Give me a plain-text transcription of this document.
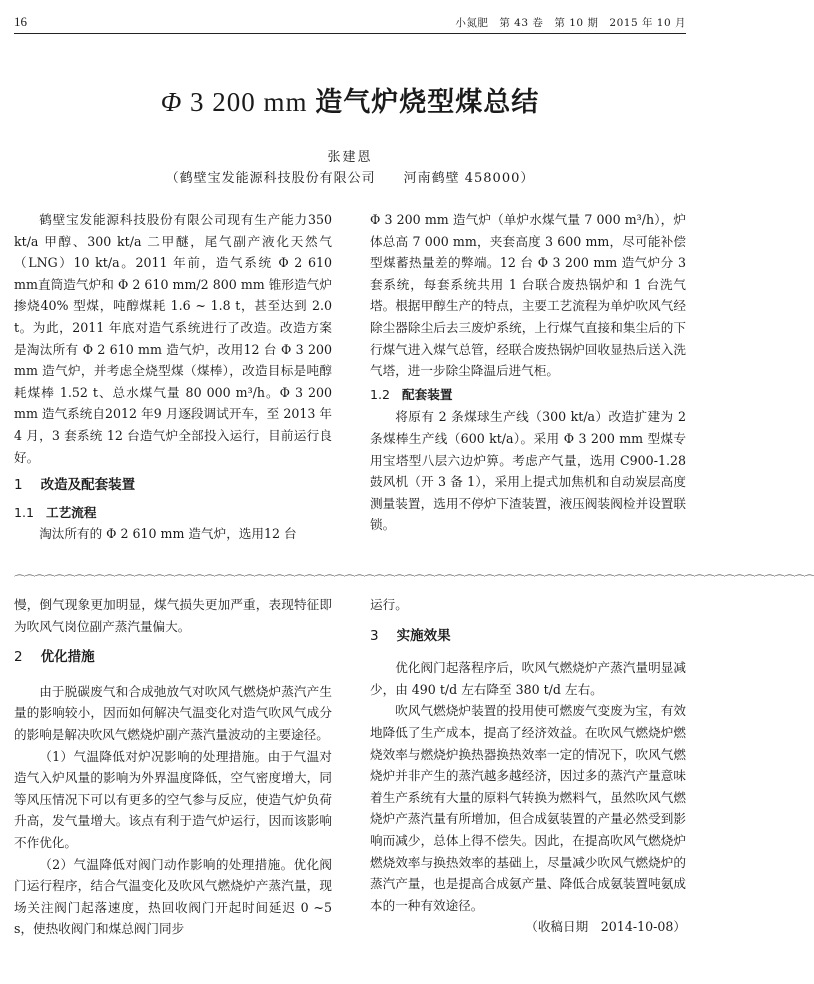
16	小氮肥　第 43 卷　第 10 期　2015 年 10 月
Φ 3 200 mm 造气炉烧型煤总结
张建恩
（鹤壁宝发能源科技股份有限公司　　河南鹤壁 458000）

鹤壁宝发能源科技股份有限公司现有生产能力350 kt/a 甲醇、300 kt/a 二甲醚，尾气副产液化天然气（LNG）10 kt/a。2011 年前，造气系统 Φ 2 610 mm直筒造气炉和 Φ 2 610 mm/2 800 mm 锥形造气炉掺烧40% 型煤，吨醇煤耗 1.6 ~ 1.8 t，甚至达到 2.0 t。为此，2011 年底对造气系统进行了改造。改造方案是淘汰所有 Φ 2 610 mm 造气炉，改用12 台 Φ 3 200 mm 造气炉，并考虑全烧型煤（煤棒），改造目标是吨醇耗煤棒 1.52 t、总水煤气量 80 000 m³/h。Φ 3 200 mm 造气系统自2012 年9 月逐段调试开车，至 2013 年 4 月，3 套系统 12 台造气炉全部投入运行，目前运行良好。

1 改造及配套装置
1.1 工艺流程

淘汰所有的 Φ 2 610 mm 造气炉，选用12 台

Φ 3 200 mm 造气炉（单炉水煤气量 7 000 m³/h），炉体总高 7 000 mm，夹套高度 3 600 mm，尽可能补偿型煤蓄热量差的弊端。12 台 Φ 3 200 mm 造气炉分 3 套系统，每套系统共用 1 台联合废热锅炉和 1 台洗气塔。根据甲醇生产的特点，主要工艺流程为单炉吹风气经除尘器除尘后去三废炉系统，上行煤气直接和集尘后的下行煤气进入煤气总管，经联合废热锅炉回收显热后送入洗气塔，进一步除尘降温后进气柜。

1.2 配套装置

将原有 2 条煤球生产线（300 kt/a）改造扩建为 2 条煤棒生产线（600 kt/a）。采用 Φ 3 200 mm 型煤专用宝塔型八层六边炉箅。考虑产气量，选用 C900-1.28 鼓风机（开 3 备 1），采用上提式加焦机和自动炭层高度测量装置，选用不停炉下渣装置，液压阀装阀检并设置联锁。

⌒⌒⌒⌒⌒⌒⌒⌒⌒⌒⌒⌒⌒⌒⌒⌒⌒⌒⌒⌒⌒⌒⌒⌒⌒⌒⌒⌒⌒⌒⌒⌒⌒⌒⌒⌒⌒⌒⌒⌒⌒⌒⌒⌒⌒⌒⌒⌒⌒⌒⌒⌒⌒⌒⌒⌒⌒⌒⌒⌒⌒⌒⌒⌒⌒⌒⌒⌒⌒⌒⌒⌒⌒⌒⌒⌒⌒⌒⌒⌒

慢，倒气现象更加明显，煤气损失更加严重，表现特征即为吹风气岗位副产蒸汽量偏大。

2 优化措施

由于脱碳废气和合成弛放气对吹风气燃烧炉蒸汽产生量的影响较小，因而如何解决气温变化对造气吹风气成分的影响是解决吹风气燃烧炉副产蒸汽量波动的主要途径。

（1）气温降低对炉况影响的处理措施。由于气温对造气入炉风量的影响为外界温度降低，空气密度增大，同等风压情况下可以有更多的空气参与反应，使造气炉负荷升高，发气量增大。该点有利于造气炉运行，因而该影响不作优化。

（2）气温降低对阀门动作影响的处理措施。优化阀门运行程序，结合气温变化及吹风气燃烧炉产蒸汽量，现场关注阀门起落速度，热回收阀门开起时间延迟 0 ~5 s，使热收阀门和煤总阀门同步

运行。

3 实施效果

优化阀门起落程序后，吹风气燃烧炉产蒸汽量明显减少，由 490 t/d 左右降至 380 t/d 左右。

吹风气燃烧炉装置的投用使可燃废气变废为宝，有效地降低了生产成本，提高了经济效益。在吹风气燃烧炉燃烧效率与燃烧炉换热器换热效率一定的情况下，吹风气燃烧炉并非产生的蒸汽越多越经济，因过多的蒸汽产量意味着生产系统有大量的原料气转换为燃料气，虽然吹风气燃烧炉产蒸汽量有所增加，但合成氨装置的产量必然受到影响而减少，总体上得不偿失。因此，在提高吹风气燃烧炉燃烧效率与换热效率的基础上，尽量减少吹风气燃烧炉的蒸汽产量，也是提高合成氨产量、降低合成氨装置吨氨成本的一种有效途径。

（收稿日期　2014-10-08）
